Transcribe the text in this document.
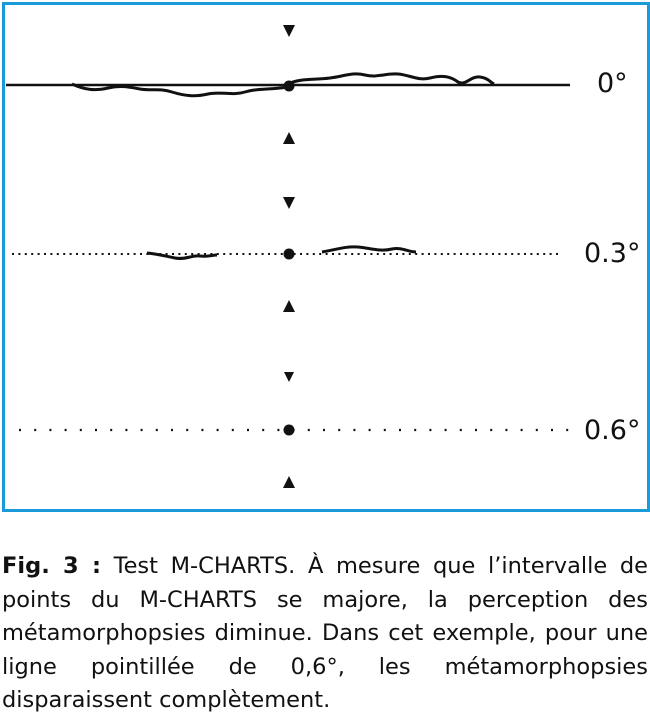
0°
0.3°
0.6°

Fig. 3 : Test M-CHARTS. À mesure que l’intervalle de points du M-CHARTS se majore, la perception des métamorphopsies diminue. Dans cet exemple, pour une ligne pointillée de 0,6°, les métamorphopsies disparaissent complètement.
